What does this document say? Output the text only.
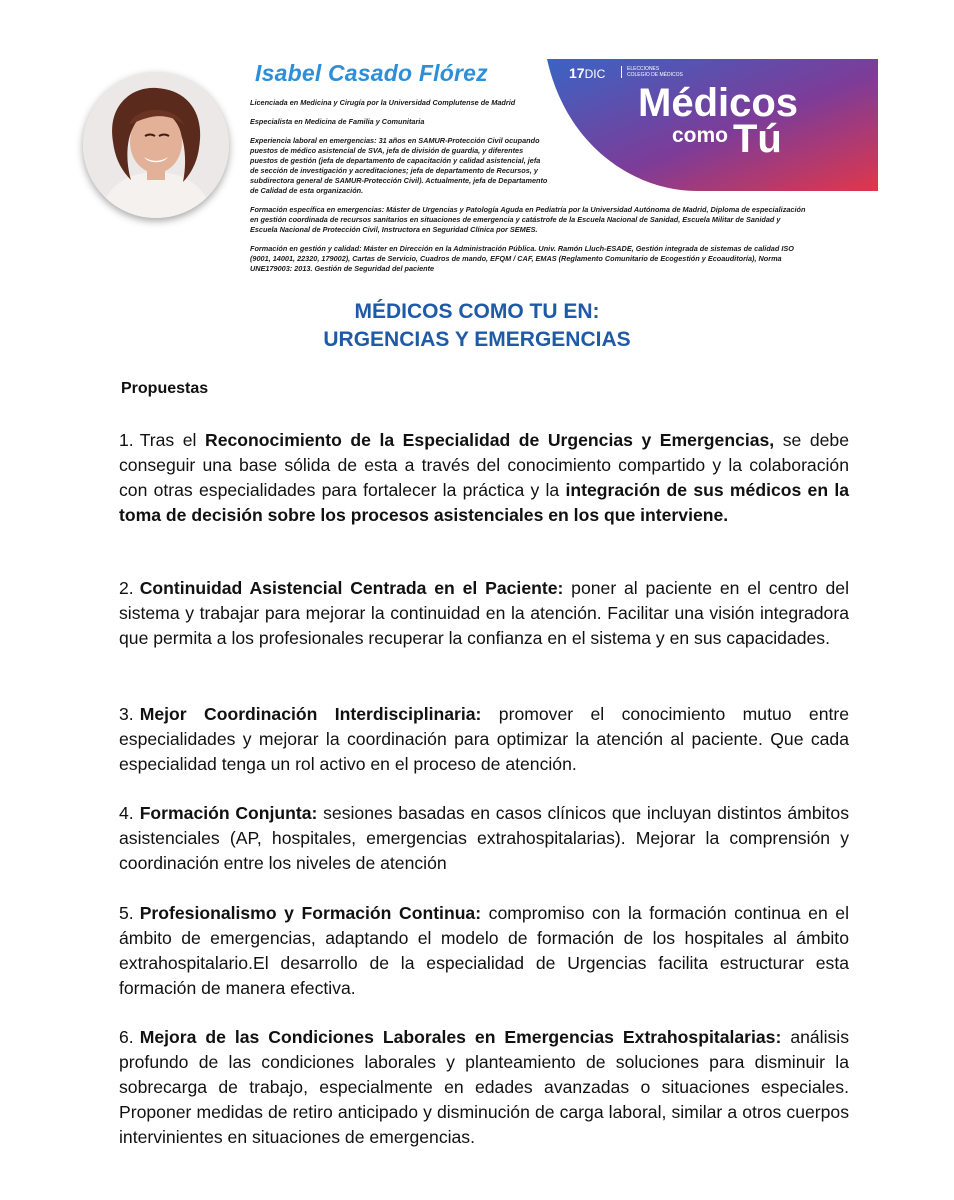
Isabel Casado Flórez

Licenciada en Medicina y Cirugía por la Universidad Complutense de Madrid

Especialista en Medicina de Familia y Comunitaria

Experiencia laboral en emergencias: 31 años en SAMUR-Protección Civil ocupando puestos de médico asistencial de SVA, jefa de división de guardia, y diferentes puestos de gestión (jefa de departamento de capacitación y calidad asistencial, jefa de sección de investigación y acreditaciones; jefa de departamento de Recursos, y subdirectora general de SAMUR-Protección Civil). Actualmente, jefa de Departamento de Calidad de esta organización.

Formación específica en emergencias: Máster de Urgencias y Patología Aguda en Pediatría por la Universidad Autónoma de Madrid, Diploma de especialización en gestión coordinada de recursos sanitarios en situaciones de emergencia y catástrofe de la Escuela Nacional de Sanidad, Escuela Militar de Sanidad y Escuela Nacional de Protección Civil, Instructora en Seguridad Clínica por SEMES.

Formación en gestión y calidad: Máster en Dirección en la Administración Pública. Univ. Ramón Lluch-ESADE, Gestión integrada de sistemas de calidad ISO (9001, 14001, 22320, 179002), Cartas de Servicio, Cuadros de mando, EFQM / CAF, EMAS (Reglamento Comunitario de Ecogestión y Ecoauditoría), Norma UNE179003: 2013. Gestión de Seguridad del paciente

17DIC	ELECCIONES
COLEGIO DE MÉDICOS
Médicos
como Tú
MÉDICOS COMO TU EN:
URGENCIAS Y EMERGENCIAS
Propuestas

1. Tras el Reconocimiento de la Especialidad de Urgencias y Emergencias, se debe conseguir una base sólida de esta a través del conocimiento compartido y la colaboración con otras especialidades para fortalecer la práctica y la integración de sus médicos en la toma de decisión sobre los procesos asistenciales en los que interviene.

2. Continuidad Asistencial Centrada en el Paciente: poner al paciente en el centro del sistema y trabajar para mejorar la continuidad en la atención. Facilitar una visión integradora que permita a los profesionales recuperar la confianza en el sistema y en sus capacidades.

3. Mejor Coordinación Interdisciplinaria: promover el conocimiento mutuo entre especialidades y mejorar la coordinación para optimizar la atención al paciente. Que cada especialidad tenga un rol activo en el proceso de atención.

4. Formación Conjunta: sesiones basadas en casos clínicos que incluyan distintos ámbitos asistenciales (AP, hospitales, emergencias extrahospitalarias). Mejorar la comprensión y coordinación entre los niveles de atención

5. Profesionalismo y Formación Continua: compromiso con la formación continua en el ámbito de emergencias, adaptando el modelo de formación de los hospitales al ámbito extrahospitalario.El desarrollo de la especialidad de Urgencias facilita estructurar esta formación de manera efectiva.

6. Mejora de las Condiciones Laborales en Emergencias Extrahospitalarias: análisis profundo de las condiciones laborales y planteamiento de soluciones para disminuir la sobrecarga de trabajo, especialmente en edades avanzadas o situaciones especiales. Proponer medidas de retiro anticipado y disminución de carga laboral, similar a otros cuerpos intervinientes en situaciones de emergencias.
